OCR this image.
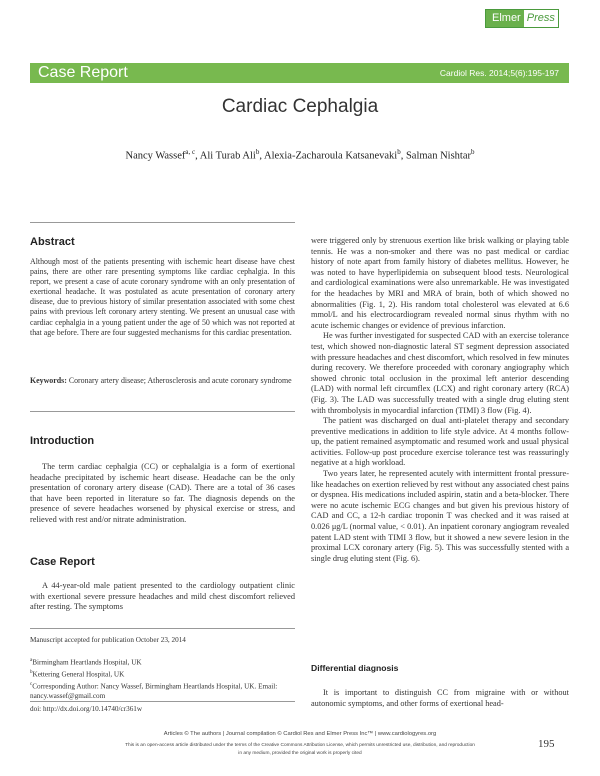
Elmer Press
Case Report	Cardiol Res. 2014;5(6):195-197
Cardiac Cephalgia
Nancy Wassef$^{a, c}$, Ali Turab Ali$^b$, Alexia-Zacharoula Katsanevaki$^b$, Salman Nishtar$^b$
Abstract

Although most of the patients presenting with ischemic heart disease have chest pains, there are other rare presenting symptoms like cardiac cephalgia. In this report, we present a case of acute coronary syndrome with an only presentation of exertional headache. It was postulated as acute presentation of coronary artery disease, due to previous history of similar presentation associated with some chest pains with previous left coronary artery stenting. We present an unusual case with cardiac cephalgia in a young patient under the age of 50 which was not reported at that age before. There are four suggested mechanisms for this cardiac presentation.

Keywords: Coronary artery disease; Atherosclerosis and acute coronary syndrome
Introduction

The term cardiac cephalgia (CC) or cephalalgia is a form of exertional headache precipitated by ischemic heart disease. Headache can be the only presentation of coronary artery disease (CAD). There are a total of 36 cases that have been reported in literature so far. The diagnosis depends on the presence of severe headaches worsened by physical exercise or stress, and relieved with rest and/or nitrate administration.

Case Report

A 44-year-old male patient presented to the cardiology outpatient clinic with exertional severe pressure headaches and mild chest discomfort relieved after resting. The symptoms

Manuscript accepted for publication October 23, 2014
$^a$Birmingham Heartlands Hospital, UK
$^b$Kettering General Hospital, UK
$^c$Corresponding Author: Nancy Wassef, Birmingham Heartlands Hospital, UK. Email: nancy.wassef@gmail.com
doi: http://dx.doi.org/10.14740/cr361w

were triggered only by strenuous exertion like brisk walking or playing table tennis. He was a non-smoker and there was no past medical or cardiac history of note apart from family history of diabetes mellitus. However, he was noted to have hyperlipidemia on subsequent blood tests. Neurological and cardiological examinations were also unremarkable. He was investigated for the headaches by MRI and MRA of brain, both of which showed no abnormalities (Fig. 1, 2). His random total cholesterol was elevated at 6.6 mmol/L and his electrocardiogram revealed normal sinus rhythm with no acute ischemic changes or evidence of previous infarction.

He was further investigated for suspected CAD with an exercise tolerance test, which showed non-diagnostic lateral ST segment depression associated with pressure headaches and chest discomfort, which resolved in few minutes during recovery. We therefore proceeded with coronary angiography which showed chronic total occlusion in the proximal left anterior descending (LAD) with normal left circumflex (LCX) and right coronary artery (RCA) (Fig. 3). The LAD was successfully treated with a single drug eluting stent with thrombolysis in myocardial infarction (TIMI) 3 flow (Fig. 4).

The patient was discharged on dual anti-platelet therapy and secondary preventive medications in addition to life style advice. At 4 months follow-up, the patient remained asymptomatic and resumed work and usual physical activities. Follow-up post procedure exercise tolerance test was reassuringly negative at a high workload.

Two years later, he represented acutely with intermittent frontal pressure-like headaches on exertion relieved by rest without any associated chest pains or dyspnea. His medications included aspirin, statin and a beta-blocker. There were no acute ischemic ECG changes and but given his previous history of CAD and CC, a 12-h cardiac troponin T was checked and it was raised at 0.026 μg/L (normal value, < 0.01). An inpatient coronary angiogram revealed patent LAD stent with TIMI 3 flow, but it showed a new severe lesion in the proximal LCX coronary artery (Fig. 5). This was successfully stented with a single drug eluting stent (Fig. 6).

Differential diagnosis

It is important to distinguish CC from migraine with or without autonomic symptoms, and other forms of exertional head-

Articles © The authors | Journal compilation © Cardiol Res and Elmer Press Inc™ | www.cardiologyres.org
This is an open-access article distributed under the terms of the Creative Commons Attribution License, which permits unrestricted use, distribution, and reproduction
in any medium, provided the original work is properly cited
195
